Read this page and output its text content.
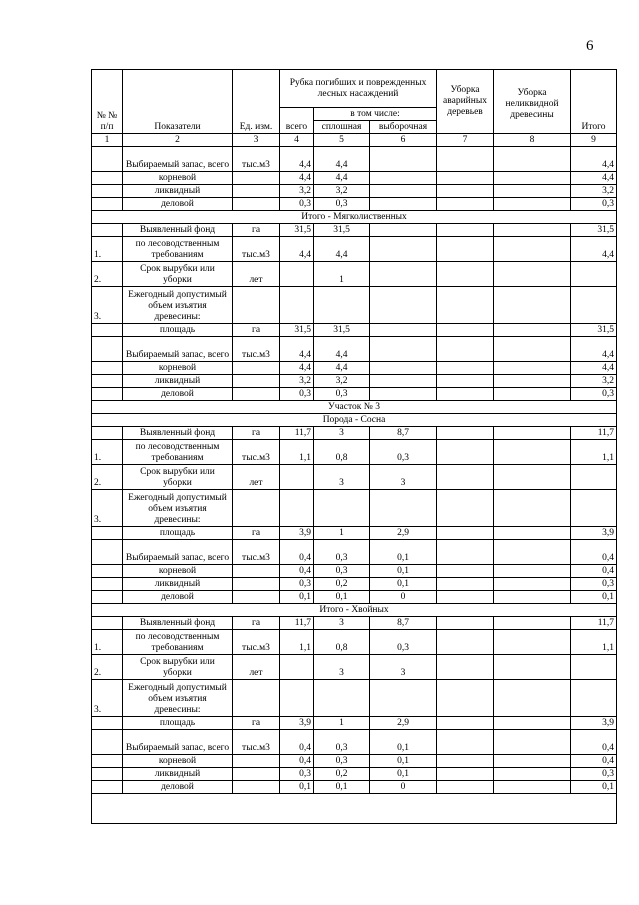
6
№ № п/п	Показатели	Ед. изм.	Рубка погибших и поврежденных лесных насаждений			Уборка аварийных деревьев	Уборка неликвидной древесины	Итого
			всего	в том числе:				
				сплошная	выборочная			
1	2	3	4	5	6	7	8	9
	Выбираемый запас, всего	тыс.м3	4,4	4,4				4,4
	корневой		4,4	4,4				4,4
	ликвидный		3,2	3,2				3,2
	деловой		0,3	0,3				0,3
Итого - Мягколиственных								
	Выявленный фонд	га	31,5	31,5				31,5
1.	по лесоводственным требованиям	тыс.м3	4,4	4,4				4,4
2.	Срок вырубки или уборки	лет		1				
3.	Ежегодный допустимый объем изъятия древесины:							
	площадь	га	31,5	31,5				31,5
	Выбираемый запас, всего	тыс.м3	4,4	4,4				4,4
	корневой		4,4	4,4				4,4
	ликвидный		3,2	3,2				3,2
	деловой		0,3	0,3				0,3
Участок № 3								
Порода - Сосна								
	Выявленный фонд	га	11,7	3	8,7			11,7
1.	по лесоводственным требованиям	тыс.м3	1,1	0,8	0,3			1,1
2.	Срок вырубки или уборки	лет		3	3			
3.	Ежегодный допустимый объем изъятия древесины:							
	площадь	га	3,9	1	2,9			3,9
	Выбираемый запас, всего	тыс.м3	0,4	0,3	0,1			0,4
	корневой		0,4	0,3	0,1			0,4
	ликвидный		0,3	0,2	0,1			0,3
	деловой		0,1	0,1	0			0,1
Итого - Хвойных								
	Выявленный фонд	га	11,7	3	8,7			11,7
1.	по лесоводственным требованиям	тыс.м3	1,1	0,8	0,3			1,1
2.	Срок вырубки или уборки	лет		3	3			
3.	Ежегодный допустимый объем изъятия древесины:							
	площадь	га	3,9	1	2,9			3,9
	Выбираемый запас, всего	тыс.м3	0,4	0,3	0,1			0,4
	корневой		0,4	0,3	0,1			0,4
	ликвидный		0,3	0,2	0,1			0,3
	деловой		0,1	0,1	0			0,1
